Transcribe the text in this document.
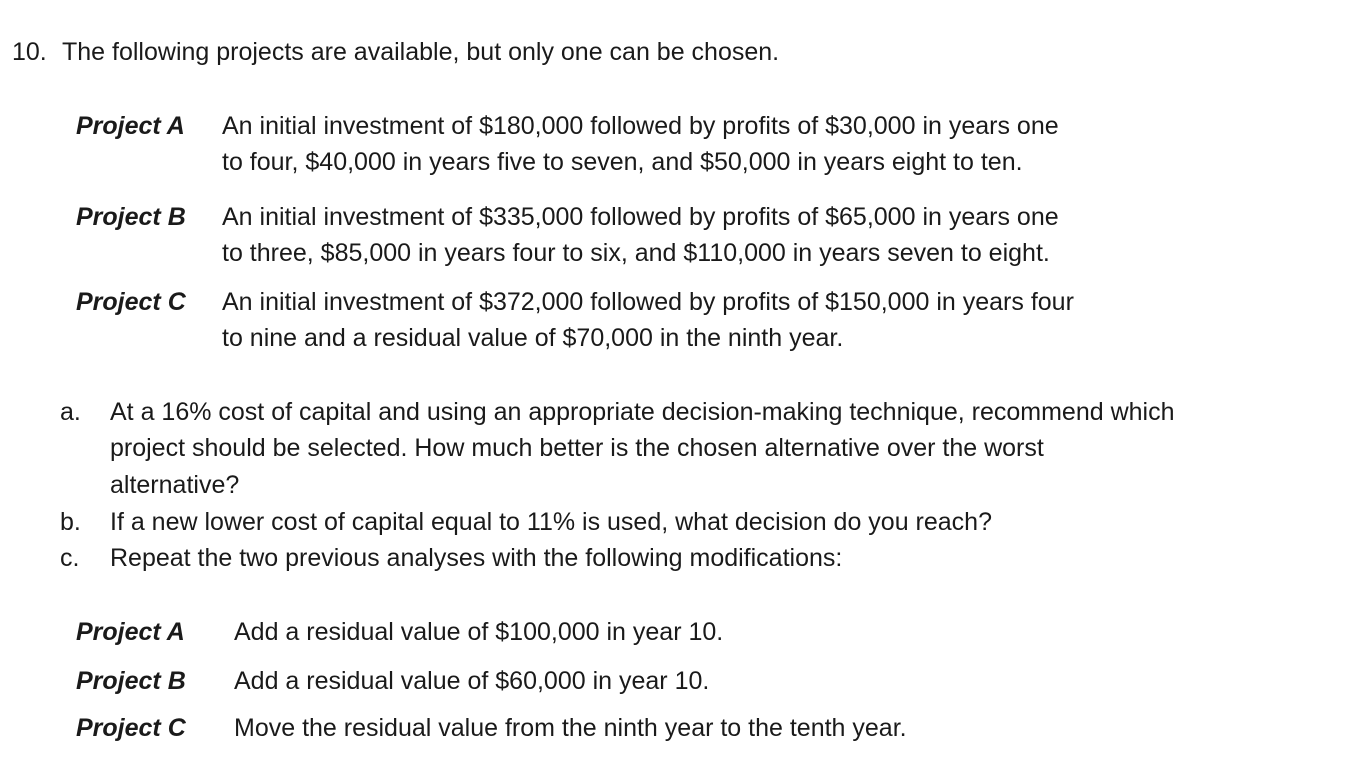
10. The following projects are available, but only one can be chosen.
Project A An initial investment of $180,000 followed by profits of $30,000 in years one
to four, $40,000 in years five to seven, and $50,000 in years eight to ten.
Project B An initial investment of $335,000 followed by profits of $65,000 in years one
to three, $85,000 in years four to six, and $110,000 in years seven to eight.
Project C An initial investment of $372,000 followed by profits of $150,000 in years four
to nine and a residual value of $70,000 in the ninth year.
a. At a 16% cost of capital and using an appropriate decision-making technique, recommend which
project should be selected. How much better is the chosen alternative over the worst
alternative?
b. If a new lower cost of capital equal to 11% is used, what decision do you reach?
c. Repeat the two previous analyses with the following modifications:
Project A Add a residual value of $100,000 in year 10.
Project B Add a residual value of $60,000 in year 10.
Project C Move the residual value from the ninth year to the tenth year.
